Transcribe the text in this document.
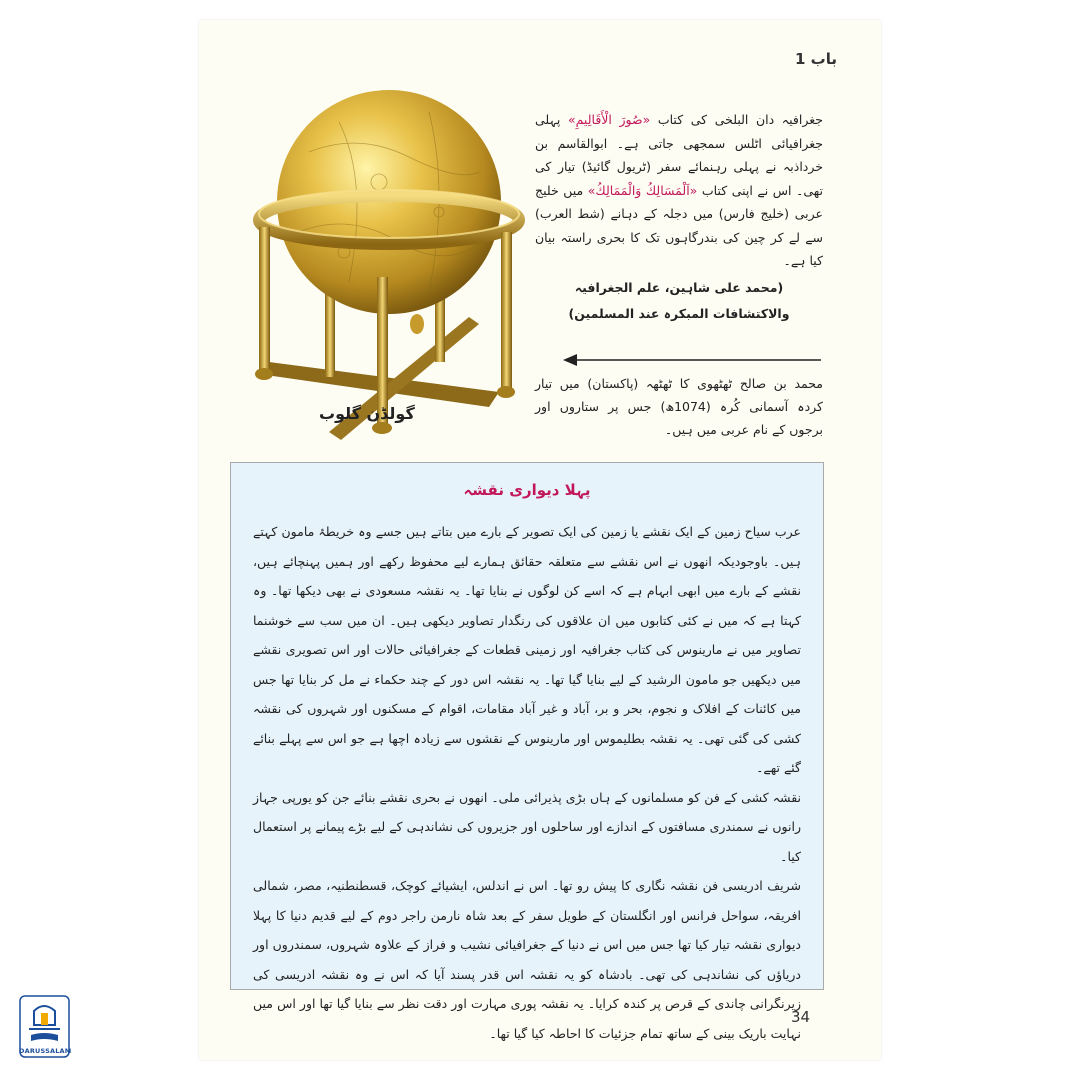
باب 1
گولڈن گلوب

جغرافیہ دان البلخی کی کتاب «صُورَ الْأَقَالِیمِ» پہلی جغرافیائی اٹلس سمجھی جاتی ہے۔ ابوالقاسم بن خرداذبہ نے پہلی رہنمائے سفر (ٹریول گائیڈ) تیار کی تھی۔ اس نے اپنی کتاب «اَلْمَسَالِكُ وَالْمَمَالِكُ» میں خلیج عربی (خلیج فارس) میں دجلہ کے دہانے (شط العرب) سے لے کر چین کی بندرگاہوں تک کا بحری راستہ بیان کیا ہے۔

(محمد علی شاہین، علم الجغرافیہ

والاکتشافات المبکرہ عند المسلمین)

محمد بن صالح ٹھٹھوی کا ٹھٹھہ (پاکستان) میں تیار کردہ آسمانی کُرہ (1074ھ) جس پر ستاروں اور برجوں کے نام عربی میں ہیں۔
پہلا دیواری نقشہ

عرب سیاح زمین کے ایک نقشے یا زمین کی ایک تصویر کے بارے میں بتاتے ہیں جسے وہ خریطۂ مامون کہتے ہیں۔ باوجودیکہ انھوں نے اس نقشے سے متعلقہ حقائق ہمارے لیے محفوظ رکھے اور ہمیں پہنچائے ہیں، نقشے کے بارے میں ابھی ابہام ہے کہ اسے کن لوگوں نے بنایا تھا۔ یہ نقشہ مسعودی نے بھی دیکھا تھا۔ وہ کہتا ہے کہ میں نے کئی کتابوں میں ان علاقوں کی رنگدار تصاویر دیکھی ہیں۔ ان میں سب سے خوشنما تصاویر میں نے مارینوس کی کتاب جغرافیہ اور زمینی قطعات کے جغرافیائی حالات اور اس تصویری نقشے میں دیکھیں جو مامون الرشید کے لیے بنایا گیا تھا۔ یہ نقشہ اس دور کے چند حکماء نے مل کر بنایا تھا جس میں کائنات کے افلاک و نجوم، بحر و بر، آباد و غیر آباد مقامات، اقوام کے مسکنوں اور شہروں کی نقشہ کشی کی گئی تھی۔ یہ نقشہ بطلیموس اور مارینوس کے نقشوں سے زیادہ اچھا ہے جو اس سے پہلے بنائے گئے تھے۔

نقشہ کشی کے فن کو مسلمانوں کے ہاں بڑی پذیرائی ملی۔ انھوں نے بحری نقشے بنائے جن کو یورپی جہاز رانوں نے سمندری مسافتوں کے اندازے اور ساحلوں اور جزیروں کی نشاندہی کے لیے بڑے پیمانے پر استعمال کیا۔

شریف ادریسی فن نقشہ نگاری کا پیش رو تھا۔ اس نے اندلس، ایشیائے کوچک، قسطنطنیہ، مصر، شمالی افریقہ، سواحل فرانس اور انگلستان کے طویل سفر کے بعد شاہ نارمن راجر دوم کے لیے قدیم دنیا کا پہلا دیواری نقشہ تیار کیا تھا جس میں اس نے دنیا کے جغرافیائی نشیب و فراز کے علاوہ شہروں، سمندروں اور دریاؤں کی نشاندہی کی تھی۔ بادشاہ کو یہ نقشہ اس قدر پسند آیا کہ اس نے وہ نقشہ ادریسی کی زیرنگرانی چاندی کے قرص پر کندہ کرایا۔ یہ نقشہ پوری مہارت اور دقت نظر سے بنایا گیا تھا اور اس میں نہایت باریک بینی کے ساتھ تمام جزئیات کا احاطہ کیا گیا تھا۔

34
DARUSSALAM
